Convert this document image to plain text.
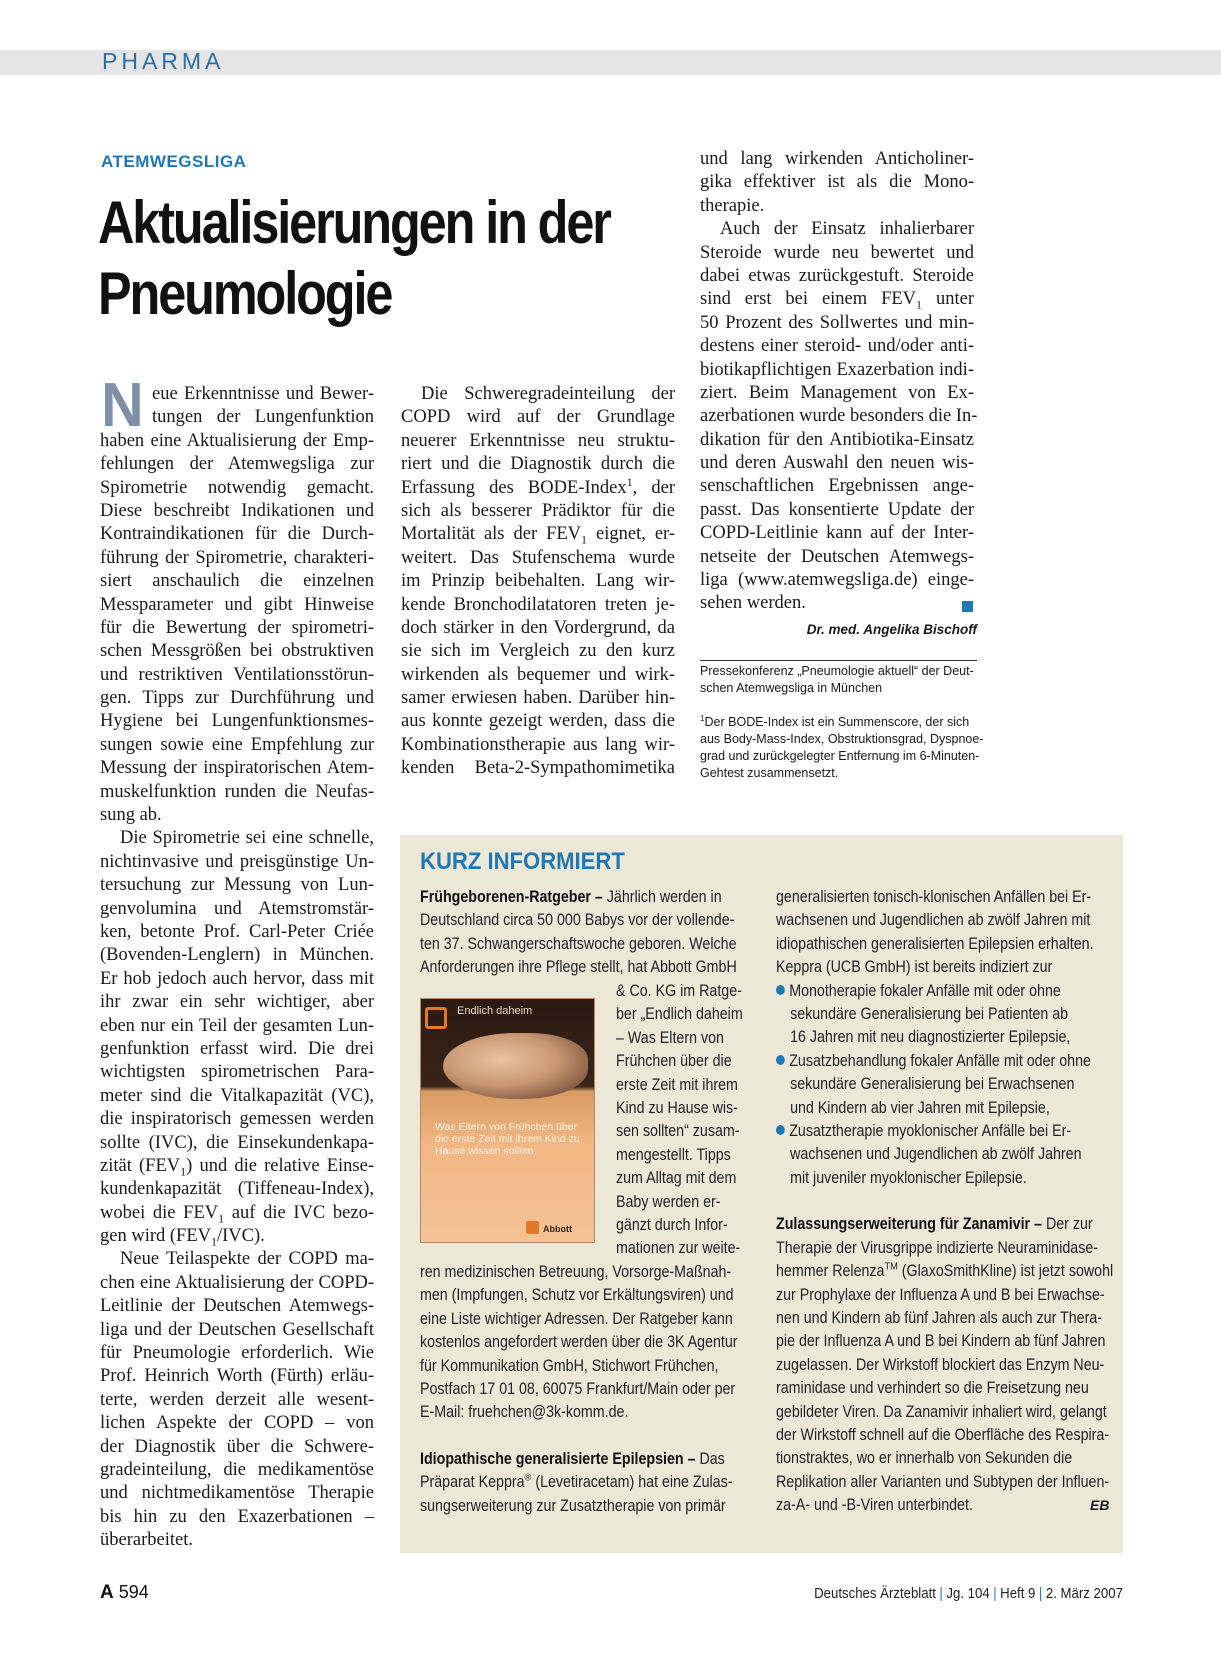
PHARMA
ATEMWEGSLIGA
Aktualisierungen in der
Pneumologie
N eue Erkenntnisse und Bewer-
tungen der Lungenfunktion
haben eine Aktualisierung der Emp-
fehlungen der Atemwegsliga zur
Spirometrie notwendig gemacht.
Diese beschreibt Indikationen und
Kontraindikationen für die Durch-
führung der Spirometrie, charakteri-
siert anschaulich die einzelnen
Messparameter und gibt Hinweise
für die Bewertung der spirometri-
schen Messgrößen bei obstruktiven
und restriktiven Ventilationsstörun-
gen. Tipps zur Durchführung und
Hygiene bei Lungenfunktionsmes-
sungen sowie eine Empfehlung zur
Messung der inspiratorischen Atem-
muskelfunktion runden die Neufas-
sung ab.
Die Spirometrie sei eine schnelle,
nichtinvasive und preisgünstige Un-
tersuchung zur Messung von Lun-
genvolumina und Atemstromstär-
ken, betonte Prof. Carl-Peter Criée
(Bovenden-Lenglern) in München.
Er hob jedoch auch hervor, dass mit
ihr zwar ein sehr wichtiger, aber
eben nur ein Teil der gesamten Lun-
genfunktion erfasst wird. Die drei
wichtigsten spirometrischen Para-
meter sind die Vitalkapazität (VC),
die inspiratorisch gemessen werden
sollte (IVC), die Einsekundenkapa-
zität $(FEV_1)$ und die relative Einse-
kundenkapazität (Tiffeneau-Index),
wobei die $FEV_1$ auf die IVC bezo-
gen wird $(FEV_1/IVC)$.
Neue Teilaspekte der COPD ma-
chen eine Aktualisierung der COPD-
Leitlinie der Deutschen Atemwegs-
liga und der Deutschen Gesellschaft
für Pneumologie erforderlich. Wie
Prof. Heinrich Worth (Fürth) erläu-
terte, werden derzeit alle wesent-
lichen Aspekte der COPD – von
der Diagnostik über die Schwere-
gradeinteilung, die medikamentöse
und nichtmedikamentöse Therapie
bis hin zu den Exazerbationen –
überarbeitet.
Die Schweregradeinteilung der
COPD wird auf der Grundlage
neuerer Erkenntnisse neu struktu-
riert und die Diagnostik durch die
Erfassung des BODE-Index$^1$, der
sich als besserer Prädiktor für die
Mortalität als der $FEV_1$ eignet, er-
weitert. Das Stufenschema wurde
im Prinzip beibehalten. Lang wir-
kende Bronchodilatatoren treten je-
doch stärker in den Vordergrund, da
sie sich im Vergleich zu den kurz
wirkenden als bequemer und wirk-
samer erwiesen haben. Darüber hin-
aus konnte gezeigt werden, dass die
Kombinationstherapie aus lang wir-
kenden Beta-2-Sympathomimetika
und lang wirkenden Anticholiner-
gika effektiver ist als die Mono-
therapie.
Auch der Einsatz inhalierbarer
Steroide wurde neu bewertet und
dabei etwas zurückgestuft. Steroide
sind erst bei einem $FEV_1$ unter
50 Prozent des Sollwertes und min-
destens einer steroid- und/oder anti-
biotikapflichtigen Exazerbation indi-
ziert. Beim Management von Ex-
azerbationen wurde besonders die In-
dikation für den Antibiotika-Einsatz
und deren Auswahl den neuen wis-
senschaftlichen Ergebnissen ange-
passt. Das konsentierte Update der
COPD-Leitlinie kann auf der Inter-
netseite der Deutschen Atemwegs-
liga (www.atemwegsliga.de) einge-
sehen werden.
Dr. med. Angelika Bischoff
Pressekonferenz „Pneumologie aktuell“ der Deut-
schen Atemwegsliga in München
$^1$Der BODE-Index ist ein Summenscore, der sich
aus Body-Mass-Index, Obstruktionsgrad, Dyspnoe-
grad und zurückgelegter Entfernung im 6-Minuten-
Gehtest zusammensetzt.
KURZ INFORMIERT
Frühgeborenen-Ratgeber – Jährlich werden in
Deutschland circa 50 000 Babys vor der vollende-
ten 37. Schwangerschaftswoche geboren. Welche
Anforderungen ihre Pflege stellt, hat Abbott GmbH
Endlich daheim
Was Eltern von Frühchen über die erste Zeit mit ihrem Kind zu Hause wissen sollten
Abbott
& Co. KG im Ratge-
ber „Endlich daheim
– Was Eltern von
Frühchen über die
erste Zeit mit ihrem
Kind zu Hause wis-
sen sollten“ zusam-
mengestellt. Tipps
zum Alltag mit dem
Baby werden er-
gänzt durch Infor-
mationen zur weite-
ren medizinischen Betreuung, Vorsorge-Maßnah-
men (Impfungen, Schutz vor Erkältungsviren) und
eine Liste wichtiger Adressen. Der Ratgeber kann
kostenlos angefordert werden über die 3K Agentur
für Kommunikation GmbH, Stichwort Frühchen,
Postfach 17 01 08, 60075 Frankfurt/Main oder per
E-Mail: fruehchen@3k-komm.de.
Idiopathische generalisierte Epilepsien – Das
Präparat Keppra® (Levetiracetam) hat eine Zulas-
sungserweiterung zur Zusatztherapie von primär
generalisierten tonisch-klonischen Anfällen bei Er-
wachsenen und Jugendlichen ab zwölf Jahren mit
idiopathischen generalisierten Epilepsien erhalten.
Keppra (UCB GmbH) ist bereits indiziert zur
Monotherapie fokaler Anfälle mit oder ohne
sekundäre Generalisierung bei Patienten ab
16 Jahren mit neu diagnostizierter Epilepsie,
Zusatzbehandlung fokaler Anfälle mit oder ohne
sekundäre Generalisierung bei Erwachsenen
und Kindern ab vier Jahren mit Epilepsie,
Zusatztherapie myoklonischer Anfälle bei Er-
wachsenen und Jugendlichen ab zwölf Jahren
mit juveniler myoklonischer Epilepsie.
Zulassungserweiterung für Zanamivir – Der zur
Therapie der Virusgrippe indizierte Neuraminidase-
hemmer Relenza™ (GlaxoSmithKline) ist jetzt sowohl
zur Prophylaxe der Influenza A und B bei Erwachse-
nen und Kindern ab fünf Jahren als auch zur Thera-
pie der Influenza A und B bei Kindern ab fünf Jahren
zugelassen. Der Wirkstoff blockiert das Enzym Neu-
raminidase und verhindert so die Freisetzung neu
gebildeter Viren. Da Zanamivir inhaliert wird, gelangt
der Wirkstoff schnell auf die Oberfläche des Respira-
tionstraktes, wo er innerhalb von Sekunden die
Replikation aller Varianten und Subtypen der Influen-
za-A- und -B-Viren unterbindet.	EB
A 594	Deutsches Ärzteblatt | Jg. 104 | Heft 9 | 2. März 2007
